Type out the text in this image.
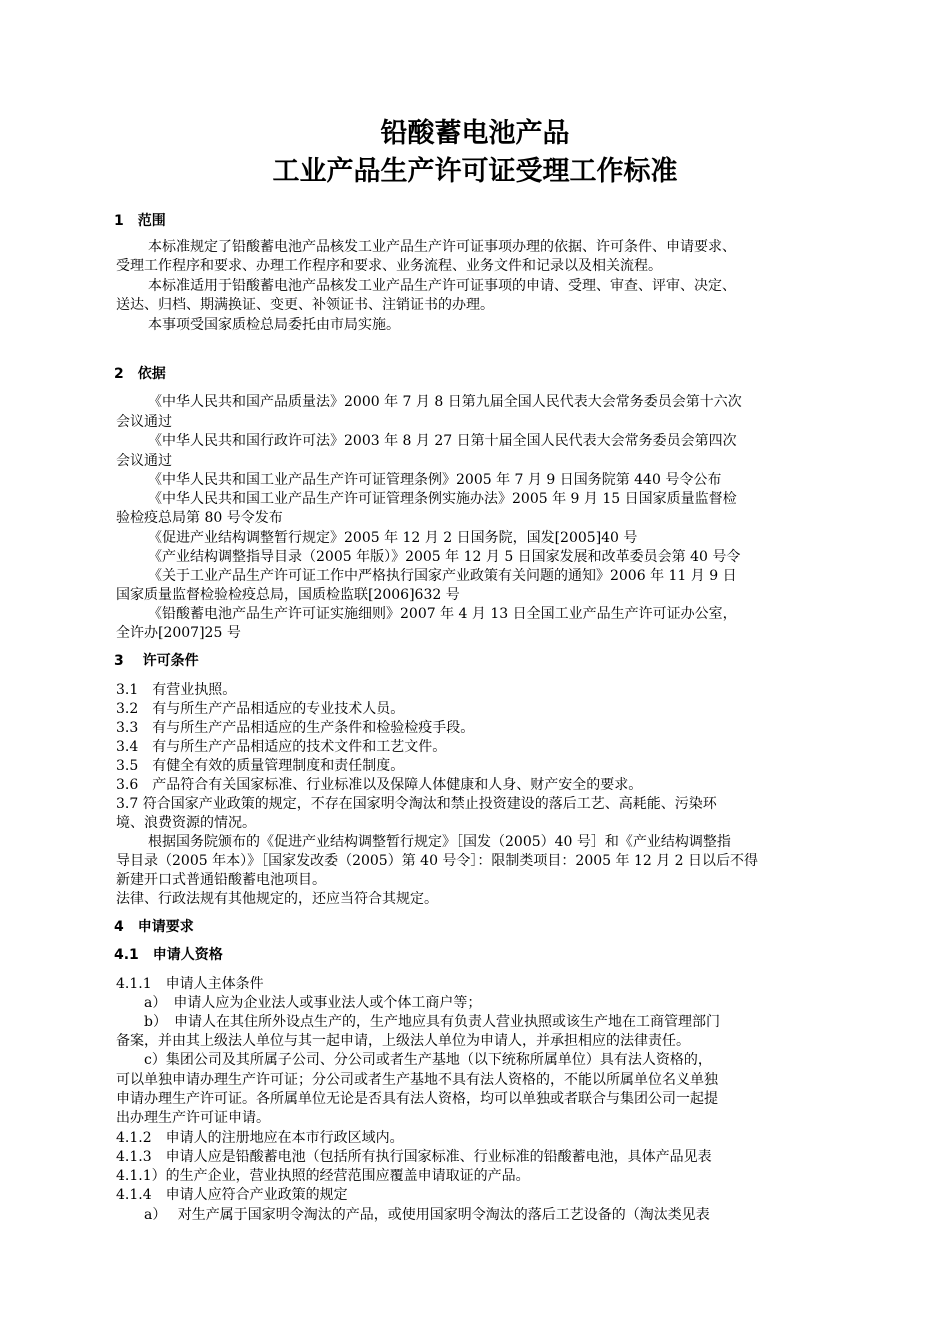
铅酸蓄电池产品
工业产品生产许可证受理工作标准
1　范围
本标准规定了铅酸蓄电池产品核发工业产品生产许可证事项办理的依据、许可条件、申请要求、
受理工作程序和要求、办理工作程序和要求、业务流程、业务文件和记录以及相关流程。
本标准适用于铅酸蓄电池产品核发工业产品生产许可证事项的申请、受理、审查、评审、决定、
送达、归档、期满换证、变更、补领证书、注销证书的办理。
本事项受国家质检总局委托由市局实施。
2　依据
《中华人民共和国产品质量法》2000 年 7 月 8 日第九届全国人民代表大会常务委员会第十六次
会议通过
《中华人民共和国行政许可法》2003 年 8 月 27 日第十届全国人民代表大会常务委员会第四次
会议通过
《中华人民共和国工业产品生产许可证管理条例》2005 年 7 月 9 日国务院第 440 号令公布
《中华人民共和国工业产品生产许可证管理条例实施办法》2005 年 9 月 15 日国家质量监督检
验检疫总局第 80 号令发布
《促进产业结构调整暂行规定》2005 年 12 月 2 日国务院，国发[2005]40 号
《产业结构调整指导目录（2005 年版）》2005 年 12 月 5 日国家发展和改革委员会第 40 号令
《关于工业产品生产许可证工作中严格执行国家产业政策有关问题的通知》2006 年 11 月 9 日
国家质量监督检验检疫总局，国质检监联[2006]632 号
《铅酸蓄电池产品生产许可证实施细则》2007 年 4 月 13 日全国工业产品生产许可证办公室，
全许办[2007]25 号
3　 许可条件
3.1　有营业执照。
3.2　有与所生产产品相适应的专业技术人员。
3.3　有与所生产产品相适应的生产条件和检验检疫手段。
3.4　有与所生产产品相适应的技术文件和工艺文件。
3.5　有健全有效的质量管理制度和责任制度。
3.6　产品符合有关国家标准、行业标准以及保障人体健康和人身、财产安全的要求。
3.7 符合国家产业政策的规定，不存在国家明令淘汰和禁止投资建设的落后工艺、高耗能、污染环
境、浪费资源的情况。
根据国务院颁布的《促进产业结构调整暂行规定》［国发（2005）40 号］和《产业结构调整指
导目录（2005 年本）》［国家发改委（2005）第 40 号令］：限制类项目：2005 年 12 月 2 日以后不得
新建开口式普通铅酸蓄电池项目。
法律、行政法规有其他规定的，还应当符合其规定。
4　申请要求
4.1　申请人资格
4.1.1　申请人主体条件
a）　申请人应为企业法人或事业法人或个体工商户等；
b）　申请人在其住所外设点生产的，生产地应具有负责人营业执照或该生产地在工商管理部门
备案，并由其上级法人单位与其一起申请，上级法人单位为申请人，并承担相应的法律责任。
c）集团公司及其所属子公司、分公司或者生产基地（以下统称所属单位）具有法人资格的，
可以单独申请办理生产许可证；分公司或者生产基地不具有法人资格的，不能以所属单位名义单独
申请办理生产许可证。各所属单位无论是否具有法人资格，均可以单独或者联合与集团公司一起提
出办理生产许可证申请。
4.1.2　申请人的注册地应在本市行政区域内。
4.1.3　申请人应是铅酸蓄电池（包括所有执行国家标准、行业标准的铅酸蓄电池，具体产品见表
4.1.1）的生产企业，营业执照的经营范围应覆盖申请取证的产品。
4.1.4　申请人应符合产业政策的规定
a）　 对生产属于国家明令淘汰的产品，或使用国家明令淘汰的落后工艺设备的（淘汰类见表
